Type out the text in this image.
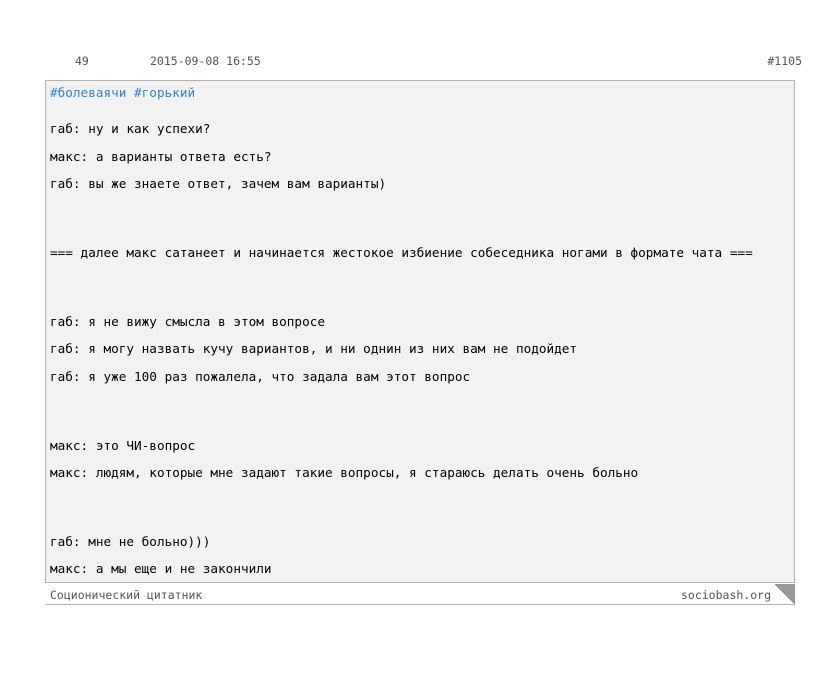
49	2015-09-08 16:55	#1105
#болеваячи #горький
габ: ну и как успехи?
макс: а варианты ответа есть?
габ: вы же знаете ответ, зачем вам варианты)
=== далее макс сатанеет и начинается жестокое избиение собеседника ногами в формате чата ===
габ: я не вижу смысла в этом вопросе
габ: я могу назвать кучу вариантов, и ни однин из них вам не подойдет
габ: я уже 100 раз пожалела, что задала вам этот вопрос
макс: это ЧИ-вопрос
макс: людям, которые мне задают такие вопросы, я стараюсь делать очень больно
габ: мне не больно)))
макс: а мы еще и не закончили
Соционический цитатник	sociobash.org
